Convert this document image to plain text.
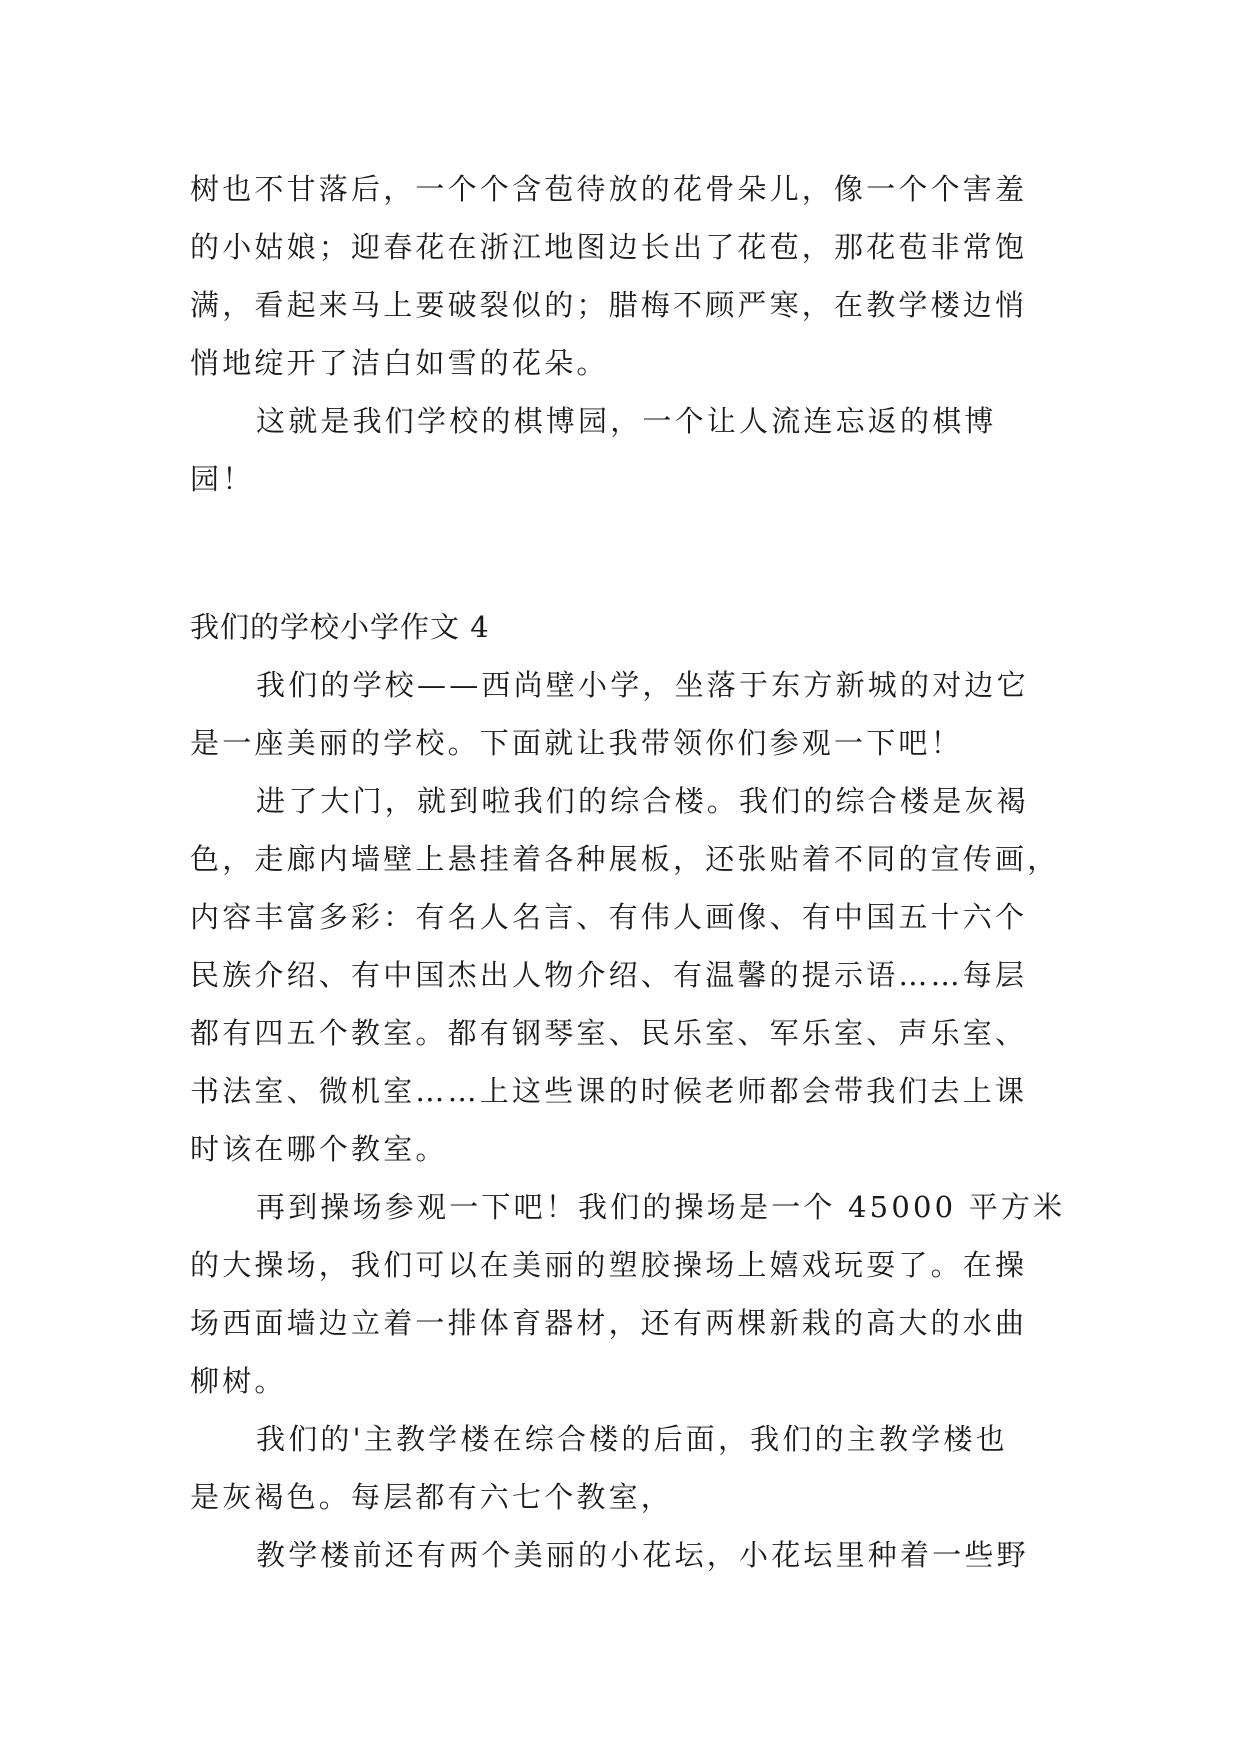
树也不甘落后，一个个含苞待放的花骨朵儿，像一个个害羞
的小姑娘；迎春花在浙江地图边长出了花苞，那花苞非常饱
满，看起来马上要破裂似的；腊梅不顾严寒，在教学楼边悄
悄地绽开了洁白如雪的花朵。
这就是我们学校的棋博园，一个让人流连忘返的棋博
园！
我们的学校小学作文 4
我们的学校——西尚壁小学，坐落于东方新城的对边它
是一座美丽的学校。下面就让我带领你们参观一下吧！
进了大门，就到啦我们的综合楼。我们的综合楼是灰褐
色，走廊内墙壁上悬挂着各种展板，还张贴着不同的宣传画，
内容丰富多彩：有名人名言、有伟人画像、有中国五十六个
民族介绍、有中国杰出人物介绍、有温馨的提示语……每层
都有四五个教室。都有钢琴室、民乐室、军乐室、声乐室、
书法室、微机室……上这些课的时候老师都会带我们去上课
时该在哪个教室。
再到操场参观一下吧！我们的操场是一个 45000 平方米
的大操场，我们可以在美丽的塑胶操场上嬉戏玩耍了。在操
场西面墙边立着一排体育器材，还有两棵新栽的高大的水曲
柳树。
我们的'主教学楼在综合楼的后面，我们的主教学楼也
是灰褐色。每层都有六七个教室，
教学楼前还有两个美丽的小花坛，小花坛里种着一些野
